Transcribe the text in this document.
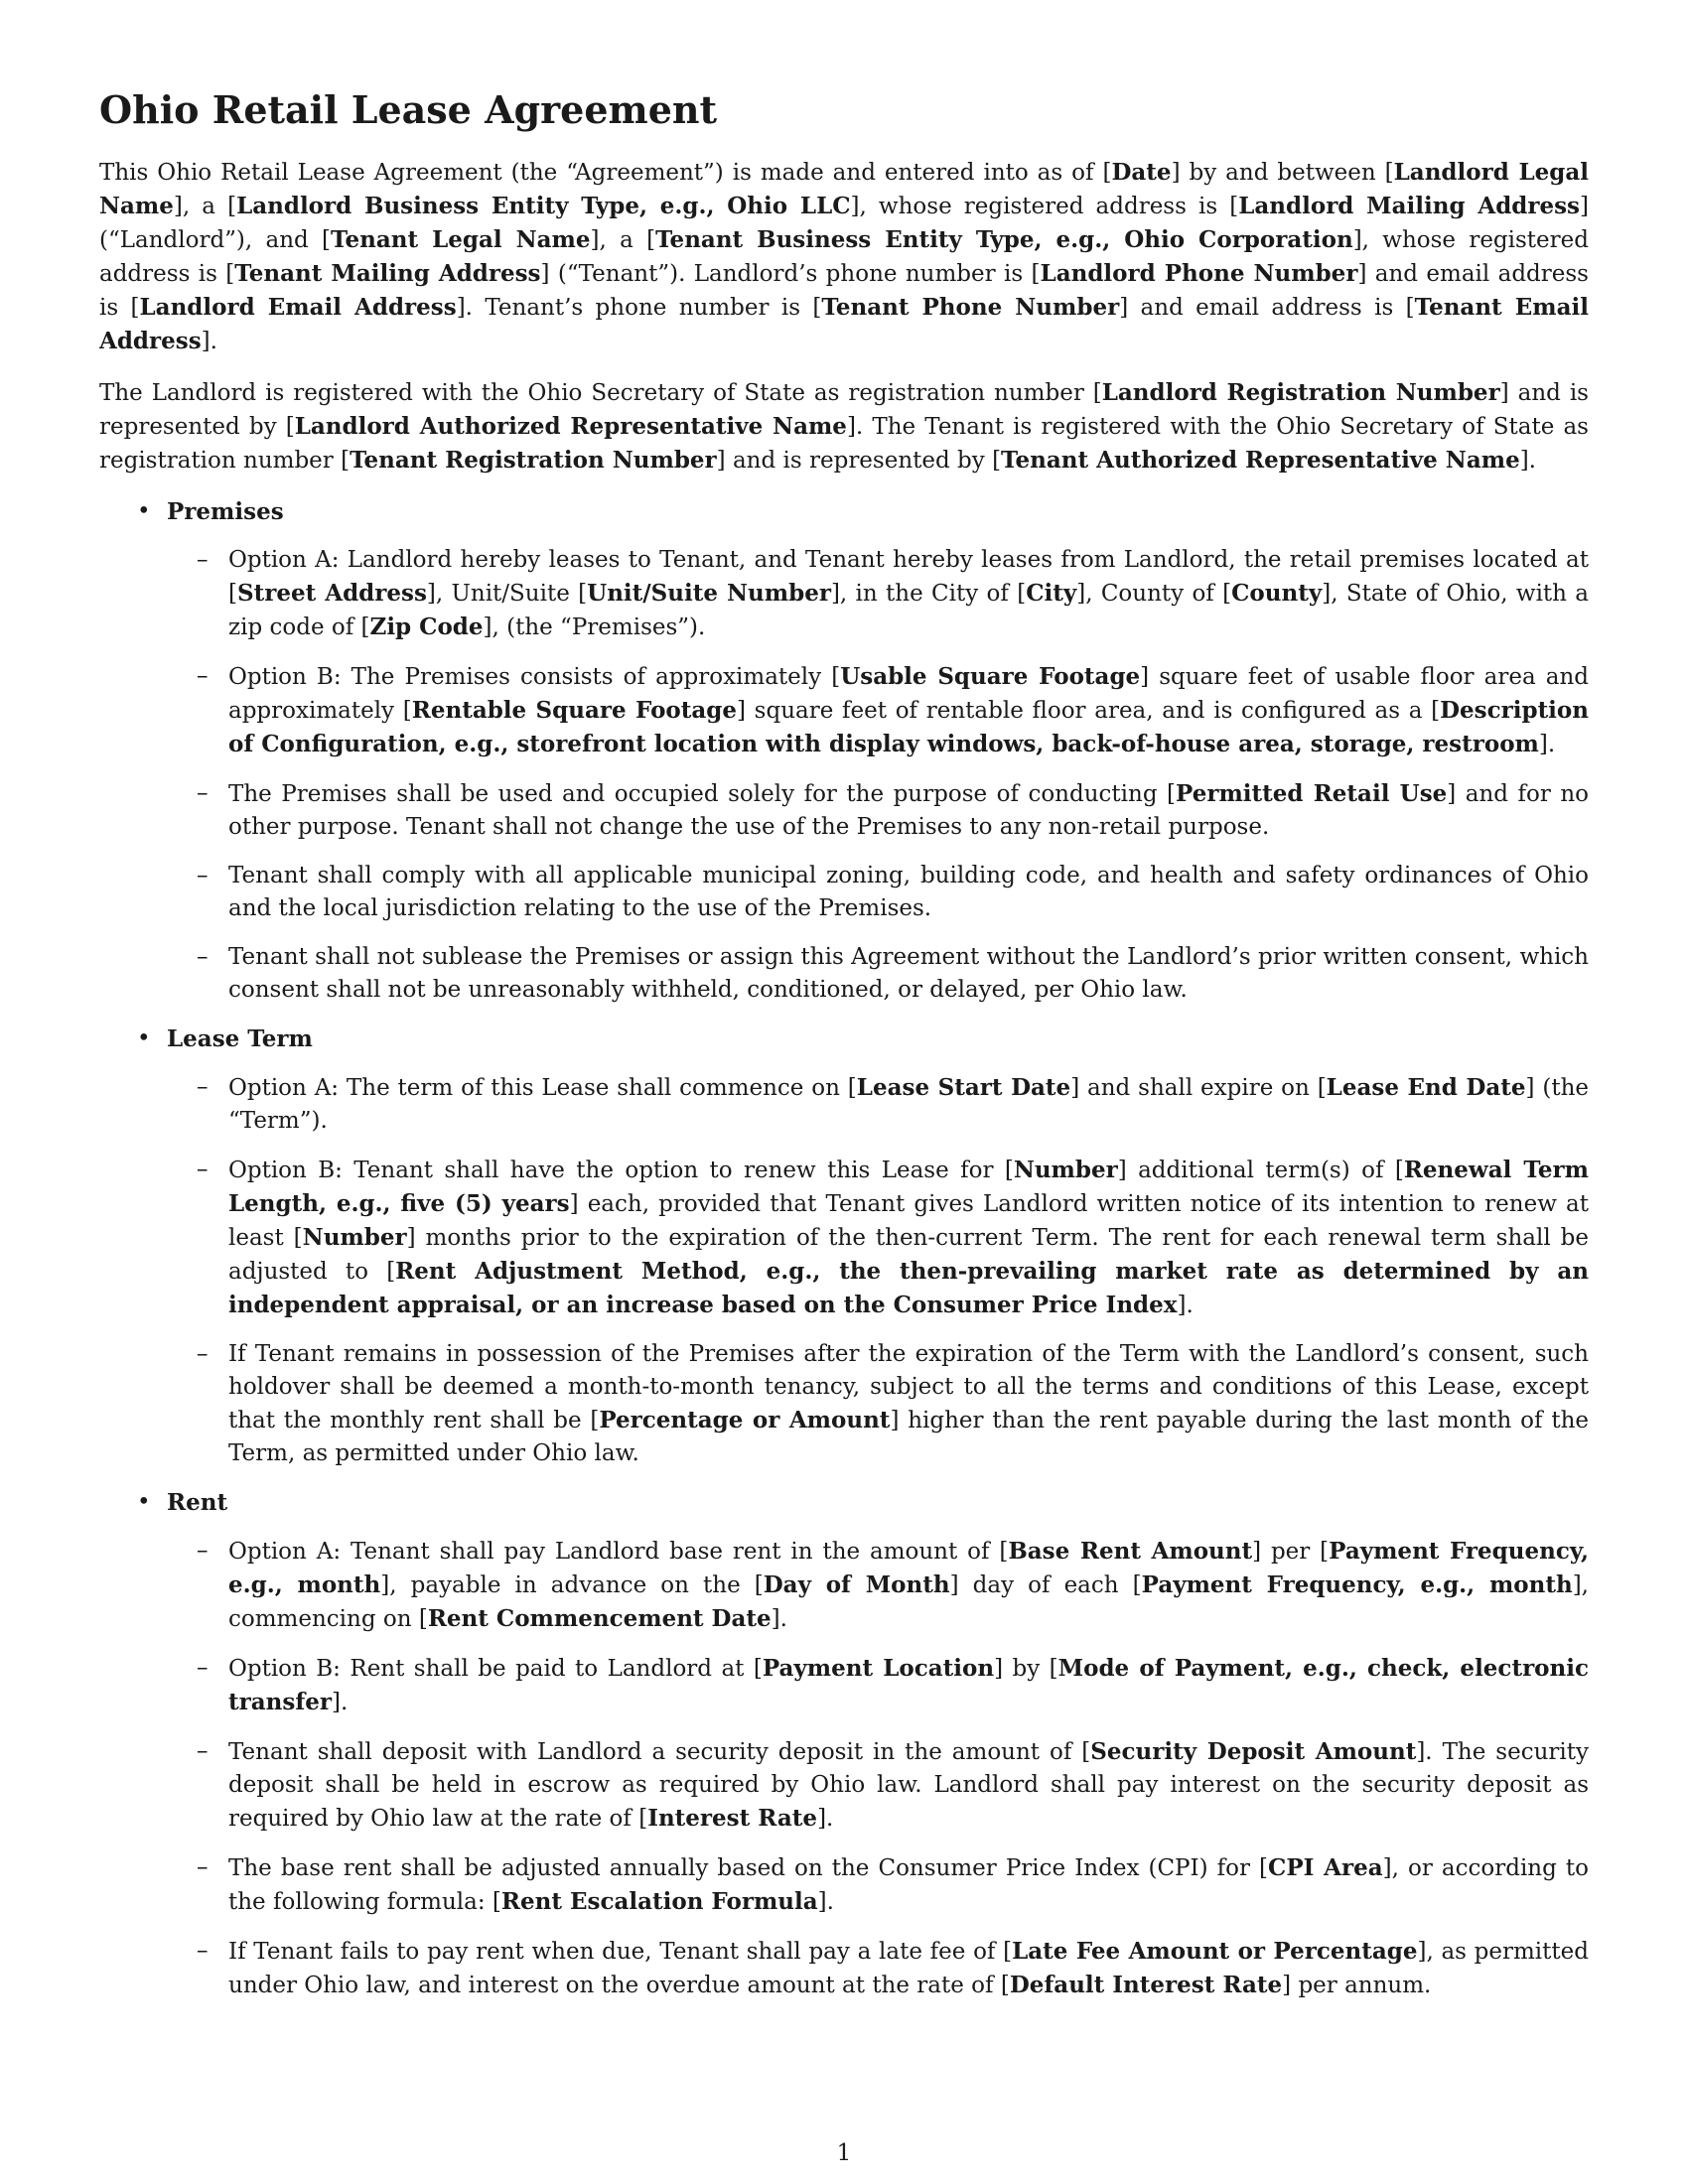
Ohio Retail Lease Agreement

This Ohio Retail Lease Agreement (the “Agreement”) is made and entered into as of [Date] by and between [Landlord Legal Name], a [Landlord Business Entity Type, e.g., Ohio LLC], whose registered address is [Landlord Mailing Address] (“Landlord”), and [Tenant Legal Name], a [Tenant Business Entity Type, e.g., Ohio Corporation], whose registered address is [Tenant Mailing Address] (“Tenant”). Landlord’s phone number is [Landlord Phone Number] and email address is [Landlord Email Address]. Tenant’s phone number is [Tenant Phone Number] and email address is [Tenant Email Address].

The Landlord is registered with the Ohio Secretary of State as registration number [Landlord Registration Number] and is represented by [Landlord Authorized Representative Name]. The Tenant is registered with the Ohio Secretary of State as registration number [Tenant Registration Number] and is represented by [Tenant Authorized Representative Name].

• Premises
– Option A: Landlord hereby leases to Tenant, and Tenant hereby leases from Landlord, the retail premises located at [Street Address], Unit/Suite [Unit/Suite Number], in the City of [City], County of [County], State of Ohio, with a zip code of [Zip Code], (the “Premises”).
– Option B: The Premises consists of approximately [Usable Square Footage] square feet of usable floor area and approximately [Rentable Square Footage] square feet of rentable floor area, and is configured as a [Description of Configuration, e.g., storefront location with display windows, back-of-house area, storage, restroom].
– The Premises shall be used and occupied solely for the purpose of conducting [Permitted Retail Use] and for no other purpose. Tenant shall not change the use of the Premises to any non-retail purpose.
– Tenant shall comply with all applicable municipal zoning, building code, and health and safety ordinances of Ohio and the local jurisdiction relating to the use of the Premises.
– Tenant shall not sublease the Premises or assign this Agreement without the Landlord’s prior written consent, which consent shall not be unreasonably withheld, conditioned, or delayed, per Ohio law.
• Lease Term
– Option A: The term of this Lease shall commence on [Lease Start Date] and shall expire on [Lease End Date] (the “Term”).
– Option B: Tenant shall have the option to renew this Lease for [Number] additional term(s) of [Renewal Term Length, e.g., five (5) years] each, provided that Tenant gives Landlord written notice of its intention to renew at least [Number] months prior to the expiration of the then-current Term. The rent for each renewal term shall be adjusted to [Rent Adjustment Method, e.g., the then-prevailing market rate as determined by an independent appraisal, or an increase based on the Consumer Price Index].
– If Tenant remains in possession of the Premises after the expiration of the Term with the Landlord’s consent, such holdover shall be deemed a month-to-month tenancy, subject to all the terms and conditions of this Lease, except that the monthly rent shall be [Percentage or Amount] higher than the rent payable during the last month of the Term, as permitted under Ohio law.
• Rent
– Option A: Tenant shall pay Landlord base rent in the amount of [Base Rent Amount] per [Payment Frequency, e.g., month], payable in advance on the [Day of Month] day of each [Payment Frequency, e.g., month], commencing on [Rent Commencement Date].
– Option B: Rent shall be paid to Landlord at [Payment Location] by [Mode of Payment, e.g., check, electronic transfer].
– Tenant shall deposit with Landlord a security deposit in the amount of [Security Deposit Amount]. The security deposit shall be held in escrow as required by Ohio law. Landlord shall pay interest on the security deposit as required by Ohio law at the rate of [Interest Rate].
– The base rent shall be adjusted annually based on the Consumer Price Index (CPI) for [CPI Area], or according to the following formula: [Rent Escalation Formula].
– If Tenant fails to pay rent when due, Tenant shall pay a late fee of [Late Fee Amount or Percentage], as permitted under Ohio law, and interest on the overdue amount at the rate of [Default Interest Rate] per annum.
1
